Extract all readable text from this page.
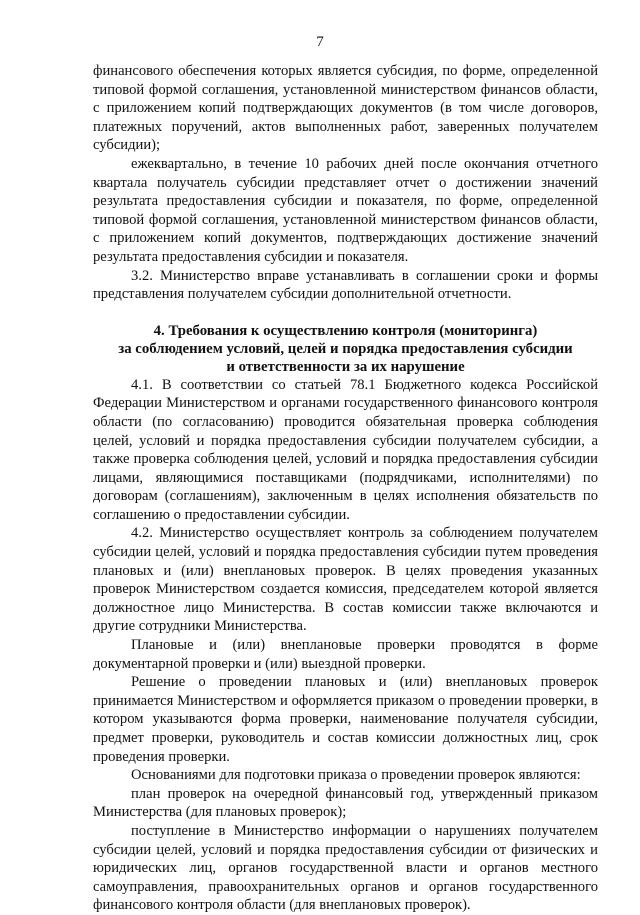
7

финансового обеспечения которых является субсидия, по форме, определенной типовой формой соглашения, установленной министерством финансов области, с приложением копий подтверждающих документов (в том числе договоров, платежных поручений, актов выполненных работ, заверенных получателем субсидии);

ежеквартально, в течение 10 рабочих дней после окончания отчетного квартала получатель субсидии представляет отчет о достижении значений результата предоставления субсидии и показателя, по форме, определенной типовой формой соглашения, установленной министерством финансов области, с приложением копий документов, подтверждающих достижение значений результата предоставления субсидии и показателя.

3.2. Министерство вправе устанавливать в соглашении сроки и формы представления получателем субсидии дополнительной отчетности.

4. Требования к осуществлению контроля (мониторинга)
за соблюдением условий, целей и порядка предоставления субсидии
и ответственности за их нарушение

4.1. В соответствии со статьей 78.1 Бюджетного кодекса Российской Федерации Министерством и органами государственного финансового контроля области (по согласованию) проводится обязательная проверка соблюдения целей, условий и порядка предоставления субсидии получателем субсидии, а также проверка соблюдения целей, условий и порядка предоставления субсидии лицами, являющимися поставщиками (подрядчиками, исполнителями) по договорам (соглашениям), заключенным в целях исполнения обязательств по соглашению о предоставлении субсидии.

4.2. Министерство осуществляет контроль за соблюдением получателем субсидии целей, условий и порядка предоставления субсидии путем проведения плановых и (или) внеплановых проверок. В целях проведения указанных проверок Министерством создается комиссия, председателем которой является должностное лицо Министерства. В состав комиссии также включаются и другие сотрудники Министерства.

Плановые и (или) внеплановые проверки проводятся в форме документарной проверки и (или) выездной проверки.

Решение о проведении плановых и (или) внеплановых проверок принимается Министерством и оформляется приказом о проведении проверки, в котором указываются форма проверки, наименование получателя субсидии, предмет проверки, руководитель и состав комиссии должностных лиц, срок проведения проверки.

Основаниями для подготовки приказа о проведении проверок являются:

план проверок на очередной финансовый год, утвержденный приказом Министерства (для плановых проверок);

поступление в Министерство информации о нарушениях получателем субсидии целей, условий и порядка предоставления субсидии от физических и юридических лиц, органов государственной власти и органов местного самоуправления, правоохранительных органов и органов государственного финансового контроля области (для внеплановых проверок).
